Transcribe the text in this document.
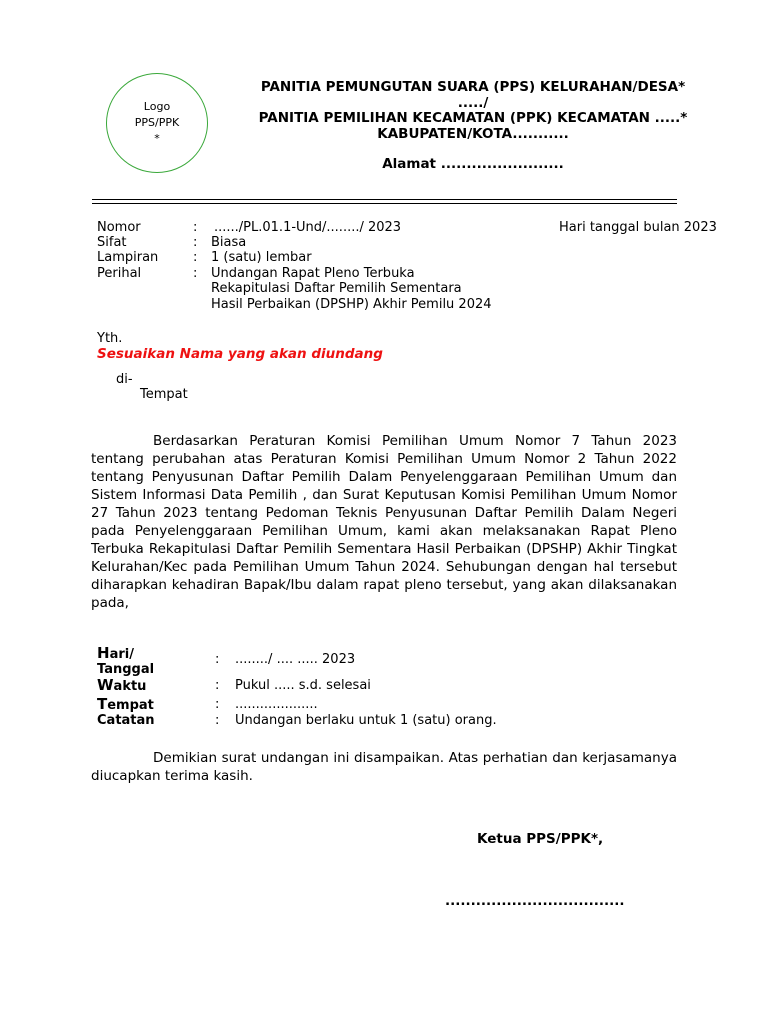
Logo
PPS/PPK
*
PANITIA PEMUNGUTAN SUARA (PPS) KELURAHAN/DESA*
...../
PANITIA PEMILIHAN KECAMATAN (PPK) KECAMATAN .....*
KABUPATEN/KOTA...........
Alamat ........................
Nomor	: ....../PL.01.1-Und/......../ 2023	Hari tanggal bulan 2023
Sifat	: Biasa
Lampiran	: 1 (satu) lembar
Perihal	: Undangan Rapat Pleno Terbuka
Rekapitulasi Daftar Pemilih Sementara
Hasil Perbaikan (DPSHP) Akhir Pemilu 2024
Yth.
Sesuaikan Nama yang akan diundang
di-
Tempat
Berdasarkan Peraturan Komisi Pemilihan Umum Nomor 7 Tahun 2023 tentang perubahan atas Peraturan Komisi Pemilihan Umum Nomor 2 Tahun 2022 tentang Penyusunan Daftar Pemilih Dalam Penyelenggaraan Pemilihan Umum dan Sistem Informasi Data Pemilih , dan Surat Keputusan Komisi Pemilihan Umum Nomor 27 Tahun 2023 tentang Pedoman Teknis Penyusunan Daftar Pemilih Dalam Negeri pada Penyelenggaraan Pemilihan Umum, kami akan melaksanakan Rapat Pleno Terbuka Rekapitulasi Daftar Pemilih Sementara Hasil Perbaikan (DPSHP) Akhir Tingkat Kelurahan/Kec pada Pemilihan Umum Tahun 2024. Sehubungan dengan hal tersebut diharapkan kehadiran Bapak/Ibu dalam rapat pleno tersebut, yang akan dilaksanakan pada,
Hari/
Tanggal
: ......../ .... ..... 2023
Waktu	: Pukul ..... s.d. selesai
Tempat	: ....................
Catatan	: Undangan berlaku untuk 1 (satu) orang.
Demikian surat undangan ini disampaikan. Atas perhatian dan kerjasamanya diucapkan terima kasih.
Ketua PPS/PPK*,
...................................
